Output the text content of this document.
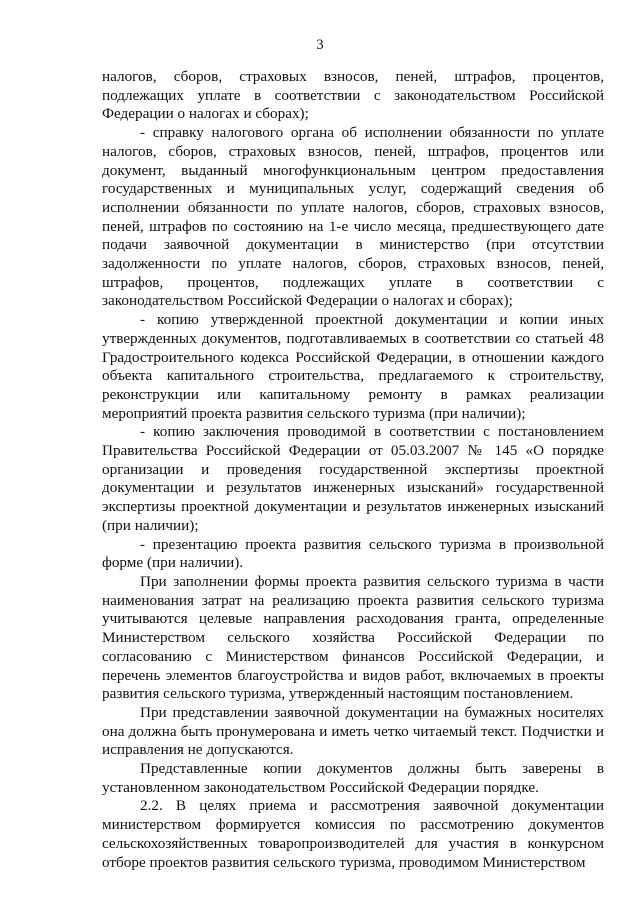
3

налогов, сборов, страховых взносов, пеней, штрафов, процентов, подлежащих уплате в соответствии с законодательством Российской Федерации о налогах и сборах);

- справку налогового органа об исполнении обязанности по уплате налогов, сборов, страховых взносов, пеней, штрафов, процентов или документ, выданный многофункциональным центром предоставления государственных и муниципальных услуг, содержащий сведения об исполнении обязанности по уплате налогов, сборов, страховых взносов, пеней, штрафов по состоянию на 1-е число месяца, предшествующего дате подачи заявочной документации в министерство (при отсутствии задолженности по уплате налогов, сборов, страховых взносов, пеней, штрафов, процентов, подлежащих уплате в соответствии с законодательством Российской Федерации о налогах и сборах);

- копию утвержденной проектной документации и копии иных утвержденных документов, подготавливаемых в соответствии со статьей 48 Градостроительного кодекса Российской Федерации, в отношении каждого объекта капитального строительства, предлагаемого к строительству, реконструкции или капитальному ремонту в рамках реализации мероприятий проекта развития сельского туризма (при наличии);

- копию заключения проводимой в соответствии с постановлением Правительства Российской Федерации от 05.03.2007 № 145 «О порядке организации и проведения государственной экспертизы проектной документации и результатов инженерных изысканий» государственной экспертизы проектной документации и результатов инженерных изысканий (при наличии);

- презентацию проекта развития сельского туризма в произвольной форме (при наличии).

При заполнении формы проекта развития сельского туризма в части наименования затрат на реализацию проекта развития сельского туризма учитываются целевые направления расходования гранта, определенные Министерством сельского хозяйства Российской Федерации по согласованию с Министерством финансов Российской Федерации, и перечень элементов благоустройства и видов работ, включаемых в проекты развития сельского туризма, утвержденный настоящим постановлением.

При представлении заявочной документации на бумажных носителях она должна быть пронумерована и иметь четко читаемый текст. Подчистки и исправления не допускаются.

Представленные копии документов должны быть заверены в установленном законодательством Российской Федерации порядке.

2.2. В целях приема и рассмотрения заявочной документации министерством формируется комиссия по рассмотрению документов сельскохозяйственных товаропроизводителей для участия в конкурсном отборе проектов развития сельского туризма, проводимом Министерством
